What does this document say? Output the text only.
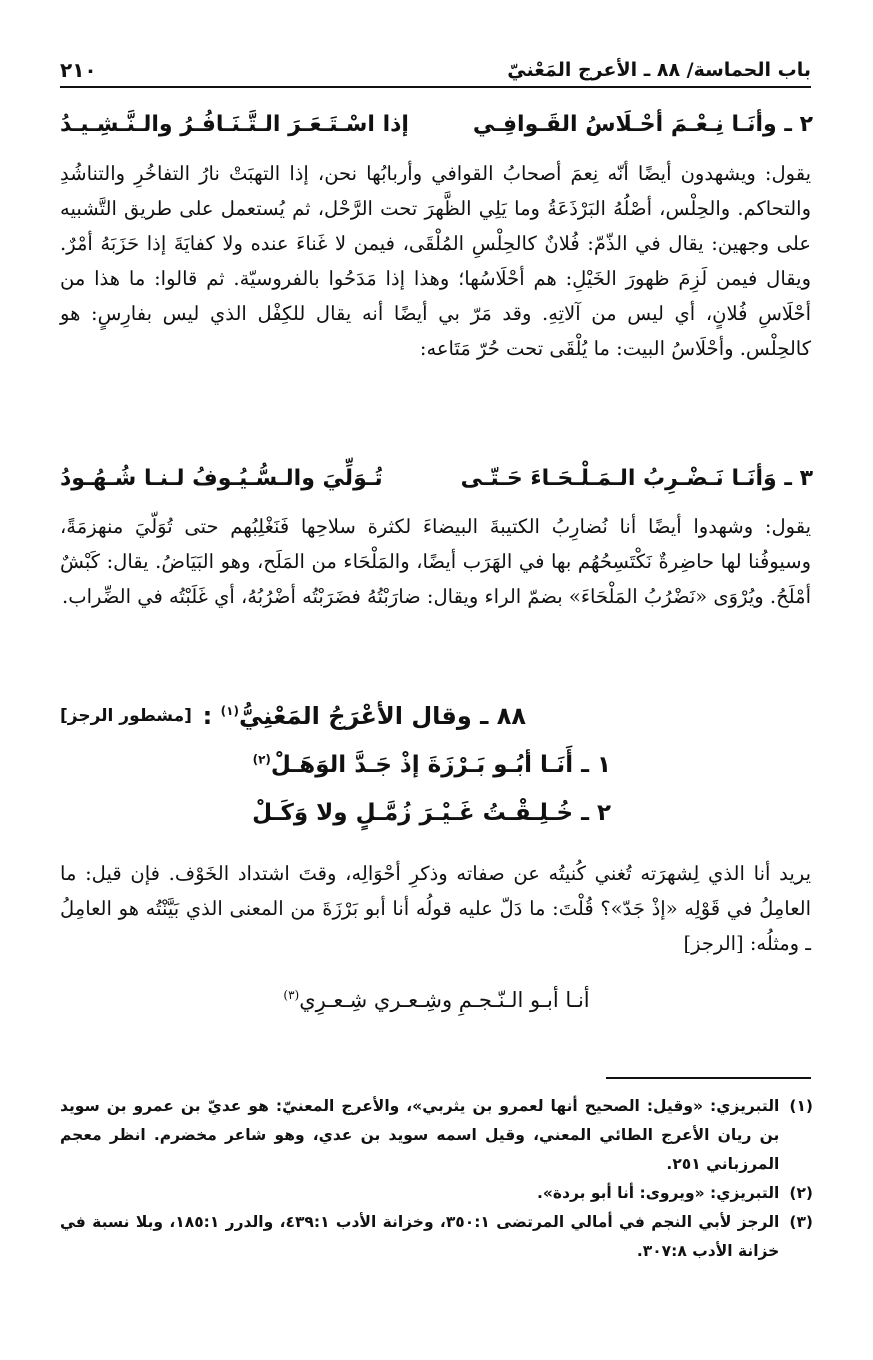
باب الحماسة/ ٨٨ ـ الأعرج المَعْنيّ
٢١٠
٢ ـ وأنَـا نِـعْـمَ أحْـلَاسُ القَـوافِـي
إذا اسْـتَـعَـرَ الـتَّـنَـافُـرُ والـنَّـشِـيـدُ

يقول: ويشهدون أيضًا أنّه نِعمَ أصحابُ القوافي وأربابُها نحن، إذا التهبَتْ نارُ التفاخُرِ والتناشُدِ والتحاكم. والحِلْس، أصْلُهُ البَرْذَعَةُ وما يَلِي الظَّهرَ تحت الرَّحْل، ثم يُستعمل على طريق التَّشبيه على وجهين: يقال في الذّمّ: فُلانٌ كالحِلْسِ المُلْقَى، فيمن لا غَناءَ عنده ولا كفايَةَ إذا حَزَبَهُ أمْرٌ. ويقال فيمن لَزِمَ ظهورَ الخَيْلِ: هم أحْلَاسُها؛ وهذا إذا مَدَحُوا بالفروسيّة. ثم قالوا: ما هذا من أحْلَاسِ فُلانٍ، أي ليس من آلاتِهِ. وقد مَرّ بي أيضًا أنه يقال للكِفْل الذي ليس بفارِسٍ: هو كالحِلْس. وأحْلَاسُ البيت: ما يُلْقَى تحت حُرّ مَتَاعه:

٣ ـ وَأنَـا نَـضْـرِبُ الـمَـلْـحَـاءَ حَـتّـى
تُـوَلِّيَ والـسُّـيُـوفُ لـنـا شُـهُـودُ

يقول: وشهدوا أيضًا أنا نُضارِبُ الكتيبةَ البيضاءَ لكثرة سلاحِها فَنَغْلِبُهم حتى تُوَلّيَ منهزمَةً، وسيوفُنا لها حاضِرةٌ نَكْتَسِحُهُم بها في الهَرَب أيضًا، والمَلْحَاء من المَلَح، وهو البَيَاضُ. يقال: كَبْشٌ أمْلَحُ. ويُرْوَى «نَضْرُبُ المَلْحَاءَ» بضمّ الراء ويقال: ضارَبْتُهُ فضَرَبْتُه أضْرُبُهُ، أي غَلَبْتُه في الضِّراب.

٨٨ ـ وقال الأعْرَجُ المَعْنِيُّ$^{(١)}$ :
[مشطور الرجز]
١ ـ أَنَـا أبُـو بَـرْزَةَ إذْ جَـدَّ الوَهَـلْ$^{(٢)}$
٢ ـ خُـلِـقْـتُ غَـيْـرَ زُمَّـلٍ ولا وَكَـلْ

يريد أنا الذي لِشهرَته تُغني كُنيتُه عن صفاته وذكرِ أحْوَالِه، وقتَ اشتداد الخَوْف. فإن قيل: ما العامِلُ في قَوْلِه «إذْ جَدّ»؟ قُلْتَ: ما دَلّ عليه قولُه أنا أبو بَرْزَةَ من المعنى الذي بَيَّنْتُه هو العامِلُ ـ ومثلُه: [الرجز]

أنـا أبـو الـنّـجـمِ وشِـعـري شِـعـرِي$^{(٣)}$
(١)
التبريزي: «وقيل: الصحيح أنها لعمرو بن يثربي»، والأعرج المعنيّ: هو عديّ بن عمرو بن سويد بن ريان الأعرج الطائي المعني، وقيل اسمه سويد بن عدي، وهو شاعر مخضرم. انظر معجم المرزباني ٢٥١.
(٢)
التبريزي: «ويروى: أنا أبو بردة».
(٣)
الرجز لأبي النجم في أمالي المرتضى ٣٥٠:١، وخزانة الأدب ٤٣٩:١، والدرر ١٨٥:١، وبلا نسبة في خزانة الأدب ٣٠٧:٨.
